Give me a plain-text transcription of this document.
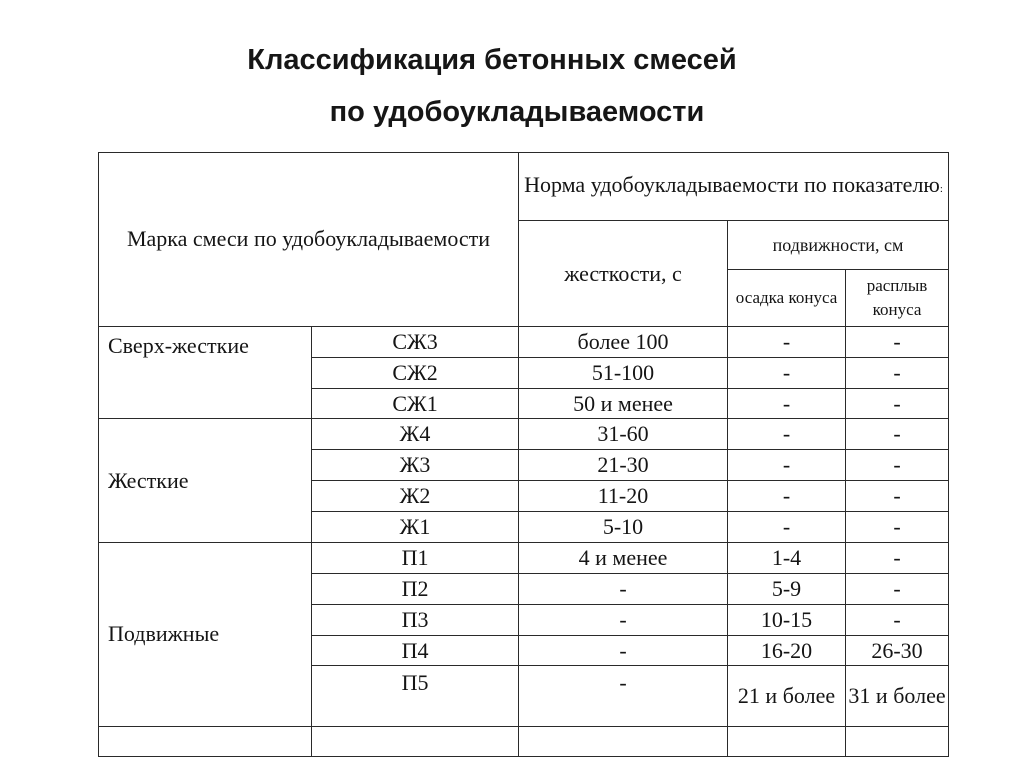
Классификация бетонных смесей
по удобоукладываемости
Марка смеси по удобоукладываемости		Норма удобоукладываемости по показателю:		
		жесткости, с	подвижности, см	
			осадка конуса	расплыв конуса
Сверх-жесткие	СЖ3	более 100	-	-
	СЖ2	51-100	-	-
	СЖ1	50 и менее	-	-
Жесткие	Ж4	31-60	-	-
	Ж3	21-30	-	-
	Ж2	11-20	-	-
	Ж1	5-10	-	-
Подвижные	П1	4 и менее	1-4	-
	П2	-	5-9	-
	П3	-	10-15	-
	П4	-	16-20	26-30
	П5	-	21 и более	31 и более
